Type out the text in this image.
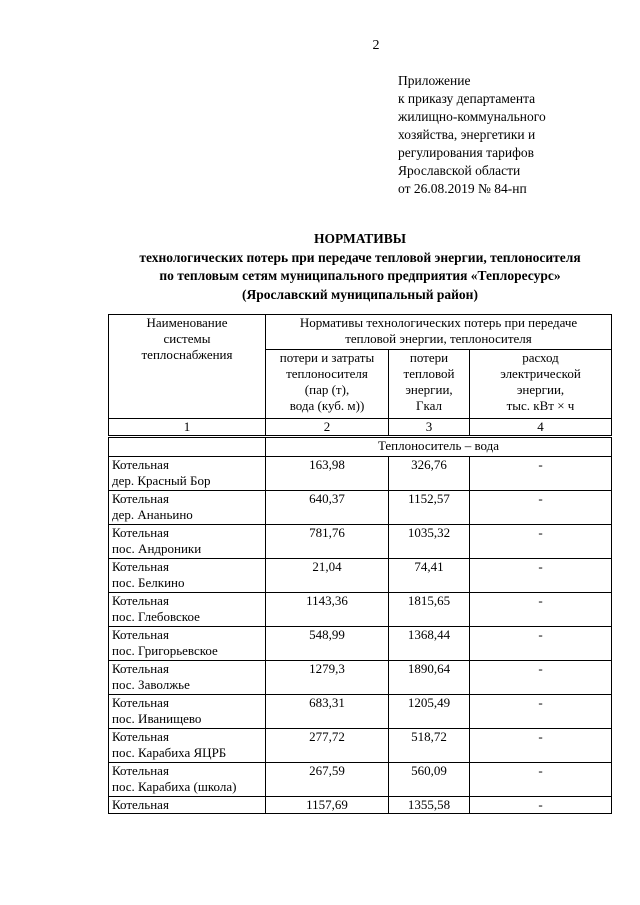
2
Приложение
к приказу департамента
жилищно-коммунального
хозяйства, энергетики и
регулирования тарифов
Ярославской области
от 26.08.2019 № 84-нп
НОРМАТИВЫ
технологических потерь при передаче тепловой энергии, теплоносителя
по тепловым сетям муниципального предприятия «Теплоресурс»
(Ярославский муниципальный район)
Наименование
системы
теплоснабжения	Нормативы технологических потерь при передаче
тепловой энергии, теплоносителя		

	потери и затраты
теплоносителя
(пар (т),
вода (куб. м))	потери
тепловой
энергии,
Гкал	расход
электрической
энергии,
тыс. кВт × ч

1	2	3	4
	Теплоноситель – вода		

Котельная
дер. Красный Бор	163,98	326,76	-

Котельная
дер. Ананьино	640,37	1152,57	-

Котельная
пос. Андроники	781,76	1035,32	-

Котельная
пос. Белкино	21,04	74,41	-

Котельная
пос. Глебовское	1143,36	1815,65	-

Котельная
пос. Григорьевское	548,99	1368,44	-

Котельная
пос. Заволжье	1279,3	1890,64	-

Котельная
пос. Иванищево	683,31	1205,49	-

Котельная
пос. Карабиха ЯЦРБ	277,72	518,72	-

Котельная
пос. Карабиха (школа)	267,59	560,09	-

Котельная	1157,69	1355,58	-
